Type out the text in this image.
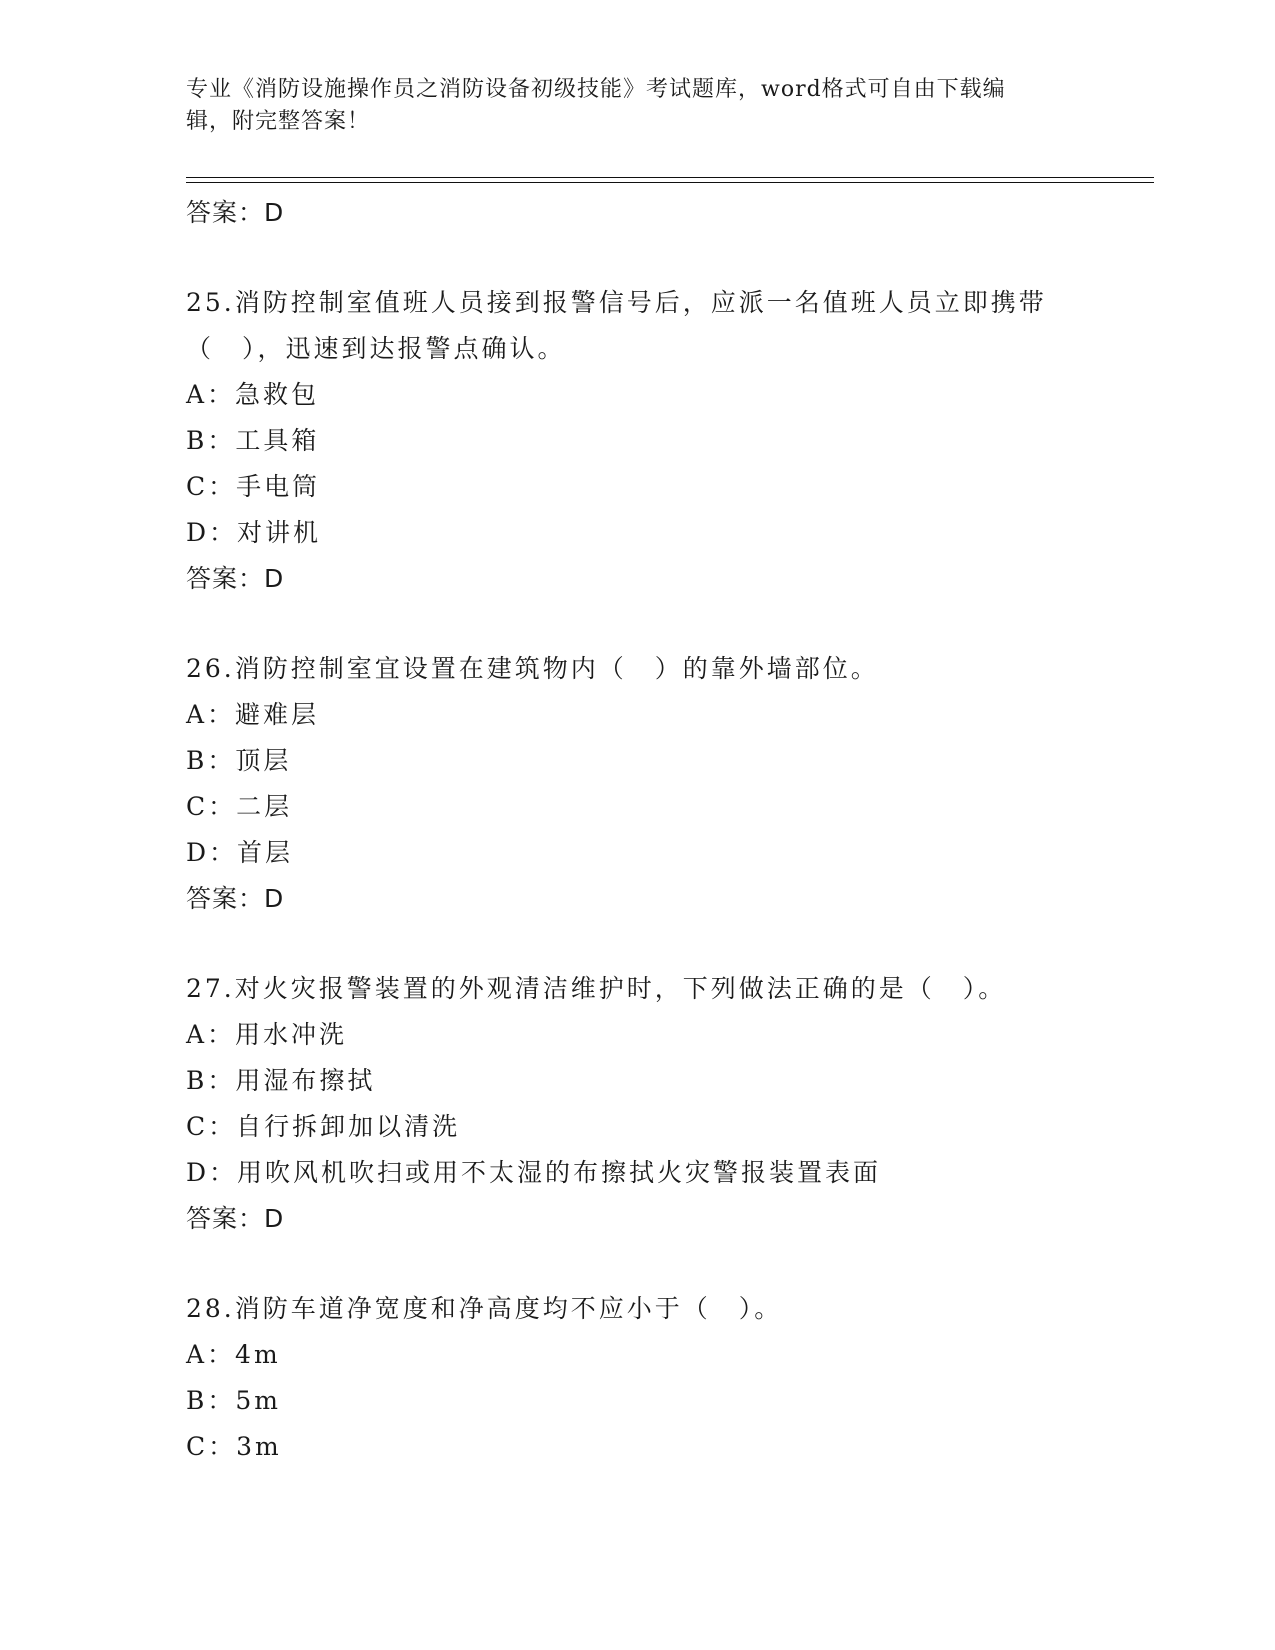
专业《消防设施操作员之消防设备初级技能》考试题库，word格式可自由下载编
辑，附完整答案！
答案：D
25.消防控制室值班人员接到报警信号后，应派一名值班人员立即携带（　），迅速到达报警点确认。
A：急救包
B：工具箱
C：手电筒
D：对讲机
答案：D
26.消防控制室宜设置在建筑物内（　）的靠外墙部位。
A：避难层
B：顶层
C：二层
D：首层
答案：D
27.对火灾报警装置的外观清洁维护时，下列做法正确的是（　）。
A：用水冲洗
B：用湿布擦拭
C：自行拆卸加以清洗
D：用吹风机吹扫或用不太湿的布擦拭火灾警报装置表面
答案：D
28.消防车道净宽度和净高度均不应小于（　）。
A：4m
B：5m
C：3m
